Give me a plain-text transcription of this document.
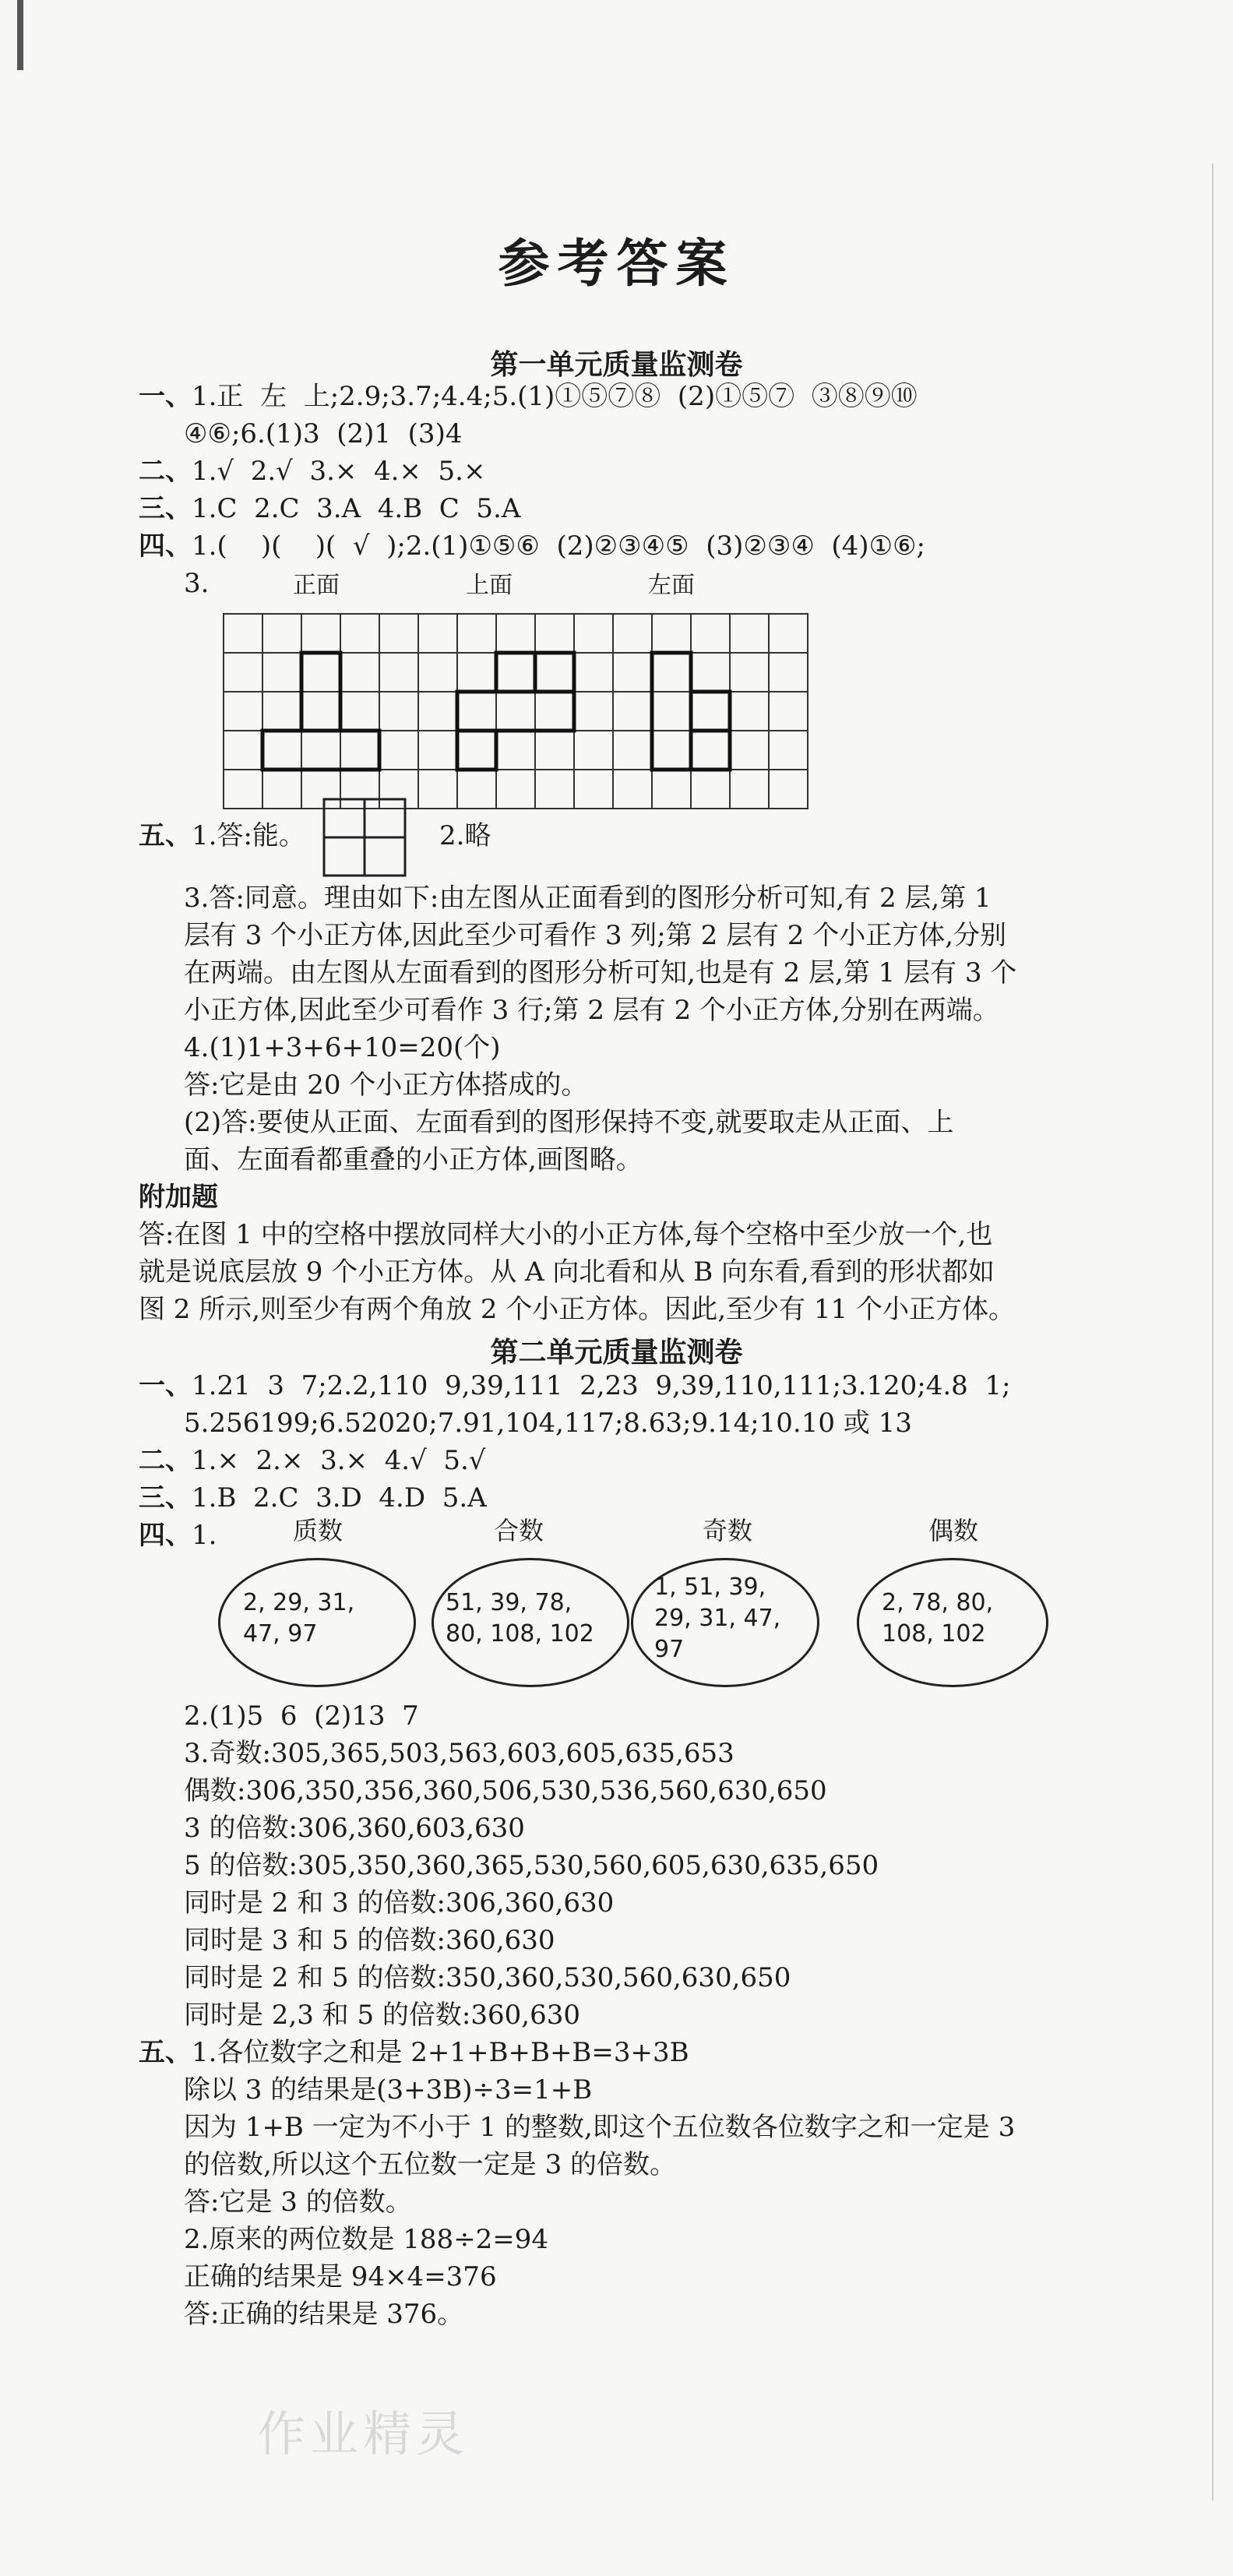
参考答案
第一单元质量监测卷
一、1.正  左  上;2.9;3.7;4.4;5.(1)①⑤⑦⑧  (2)①⑤⑦  ③⑧⑨⑩
④⑥;6.(1)3  (2)1  (3)4
二、1.√  2.√  3.×  4.×  5.×
三、1.C  2.C  3.A  4.B  C  5.A
四、1.(    )(    )(  √  );2.(1)①⑤⑥  (2)②③④⑤  (3)②③④  (4)①⑥;
3.	正面	上面	左面
五、1.答:能。	2.略
3.答:同意。理由如下:由左图从正面看到的图形分析可知,有 2 层,第 1
层有 3 个小正方体,因此至少可看作 3 列;第 2 层有 2 个小正方体,分别
在两端。由左图从左面看到的图形分析可知,也是有 2 层,第 1 层有 3 个
小正方体,因此至少可看作 3 行;第 2 层有 2 个小正方体,分别在两端。
4.(1)1+3+6+10=20(个)
答:它是由 20 个小正方体搭成的。
(2)答:要使从正面、左面看到的图形保持不变,就要取走从正面、上
面、左面看都重叠的小正方体,画图略。
附加题
答:在图 1 中的空格中摆放同样大小的小正方体,每个空格中至少放一个,也
就是说底层放 9 个小正方体。从 A 向北看和从 B 向东看,看到的形状都如
图 2 所示,则至少有两个角放 2 个小正方体。因此,至少有 11 个小正方体。
第二单元质量监测卷
一、1.21  3  7;2.2,110  9,39,111  2,23  9,39,110,111;3.120;4.8  1;
5.256199;6.52020;7.91,104,117;8.63;9.14;10.10 或 13
二、1.×  2.×  3.×  4.√  5.√
三、1.B  2.C  3.D  4.D  5.A
四、1.	质数
2, 29, 31,
47, 97
合数
51, 39, 78,
80, 108, 102
奇数
1, 51, 39,
29, 31, 47,
97
偶数
2, 78, 80,
108, 102
2.(1)5  6  (2)13  7
3.奇数:305,365,503,563,603,605,635,653
偶数:306,350,356,360,506,530,536,560,630,650
3 的倍数:306,360,603,630
5 的倍数:305,350,360,365,530,560,605,630,635,650
同时是 2 和 3 的倍数:306,360,630
同时是 3 和 5 的倍数:360,630
同时是 2 和 5 的倍数:350,360,530,560,630,650
同时是 2,3 和 5 的倍数:360,630
五、1.各位数字之和是 2+1+B+B+B=3+3B
除以 3 的结果是(3+3B)÷3=1+B
因为 1+B 一定为不小于 1 的整数,即这个五位数各位数字之和一定是 3
的倍数,所以这个五位数一定是 3 的倍数。
答:它是 3 的倍数。
2.原来的两位数是 188÷2=94
正确的结果是 94×4=376
答:正确的结果是 376。
作业精灵
